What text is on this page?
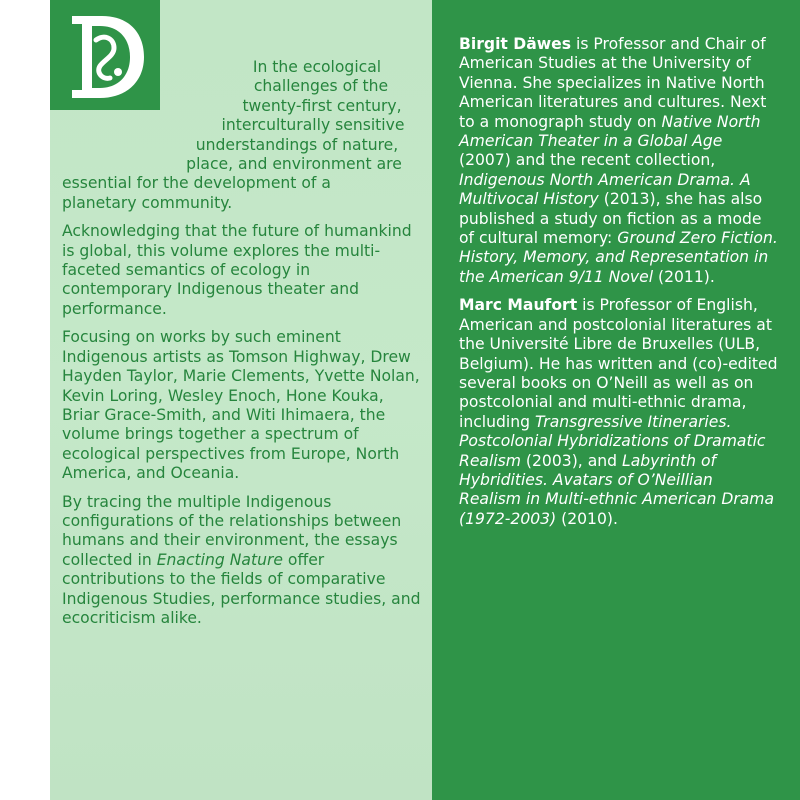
In the ecological
challenges of the
twenty-first century,
interculturally sensitive
understandings of nature,
place, and environment are
essential for the development of a
planetary community.

Acknowledging that the future of humankind is global, this volume explores the multi-faceted semantics of ecology in contemporary Indigenous theater and performance.

Focusing on works by such eminent Indigenous artists as Tomson Highway, Drew Hayden Taylor, Marie Clements, Yvette Nolan, Kevin Loring, Wesley Enoch, Hone Kouka, Briar Grace-Smith, and Witi Ihimaera, the volume brings together a spectrum of ecological perspectives from Europe, North America, and Oceania.

By tracing the multiple Indigenous configurations of the relationships between humans and their environment, the essays collected in Enacting Nature offer contributions to the fields of comparative Indigenous Studies, performance studies, and ecocriticism alike.

Birgit Däwes is Professor and Chair of American Studies at the University of Vienna. She specializes in Native North American literatures and cultures. Next to a monograph study on Native North American Theater in a Global Age (2007) and the recent collection, Indigenous North American Drama. A Multivocal History (2013), she has also published a study on fiction as a mode of cultural memory: Ground Zero Fiction. History, Memory, and Representation in the American 9/11 Novel (2011).

Marc Maufort is Professor of English, American and postcolonial literatures at the Université Libre de Bruxelles (ULB, Belgium). He has written and (co)-edited several books on O’Neill as well as on postcolonial and multi-ethnic drama, including Transgressive Itineraries. Postcolonial Hybridizations of Dramatic Realism (2003), and Labyrinth of Hybridities. Avatars of O’Neillian Realism in Multi-ethnic American Drama (1972-2003) (2010).
